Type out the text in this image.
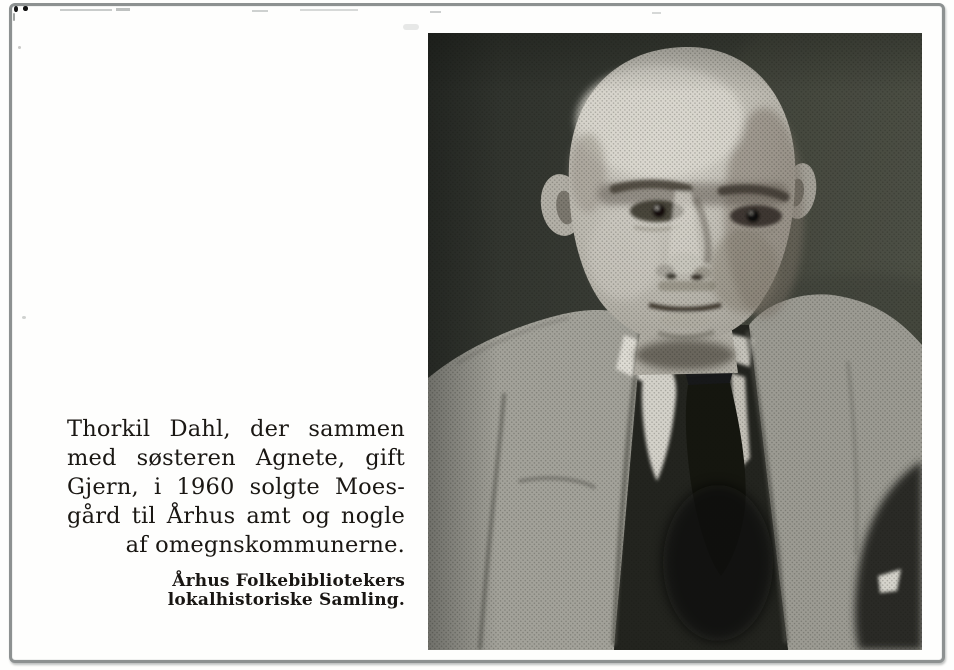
Thorkil Dahl, der sammen
med søsteren Agnete, gift
Gjern, i 1960 solgte Moes-
gård til Århus amt og nogle
af omegnskommunerne.
Århus Folkebibliotekers
lokalhistoriske Samling.
